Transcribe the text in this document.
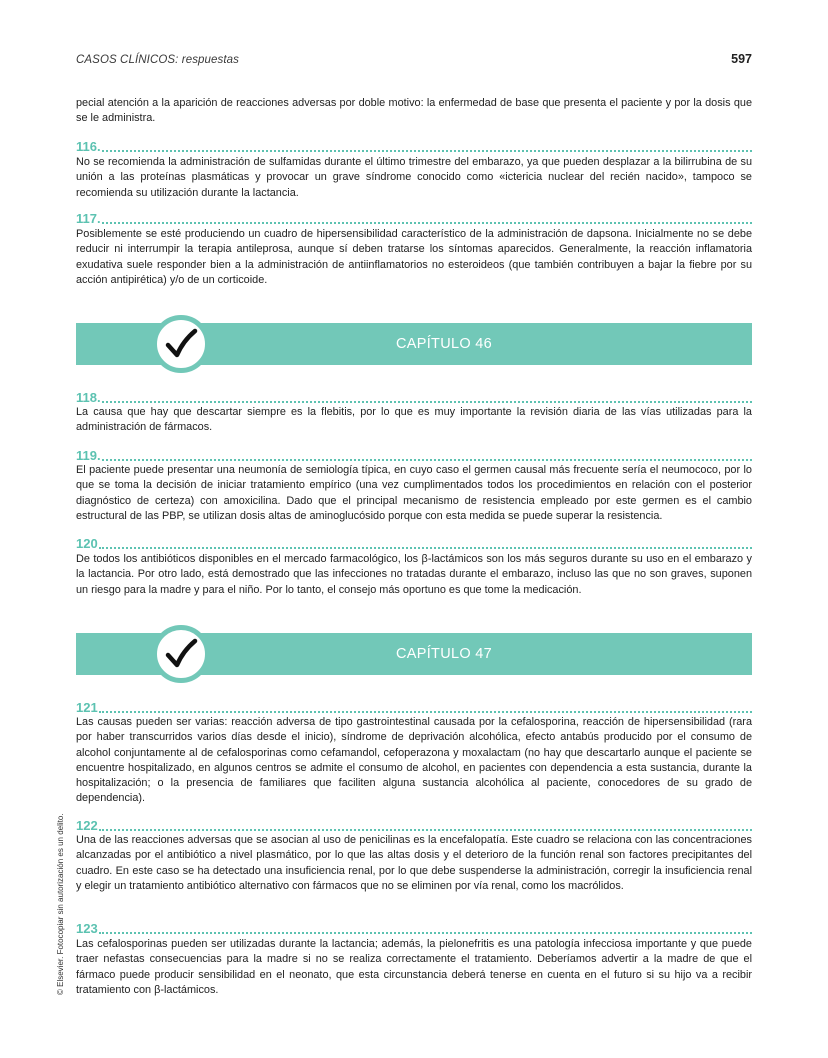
CASOS CLÍNICOS: respuestas	597
pecial atención a la aparición de reacciones adversas por doble motivo: la enfermedad de base que presenta el paciente y por la dosis que se le administra.
116.
No se recomienda la administración de sulfamidas durante el último trimestre del embarazo, ya que pueden desplazar a la bilirrubina de su unión a las proteínas plasmáticas y provocar un grave síndrome conocido como «ictericia nuclear del recién nacido», tampoco se recomienda su utilización durante la lactancia.
117.
Posiblemente se esté produciendo un cuadro de hipersensibilidad característico de la administración de dapsona. Inicialmente no se debe reducir ni interrumpir la terapia antileprosa, aunque sí deben tratarse los síntomas aparecidos. Generalmente, la reacción inflamatoria exudativa suele responder bien a la administración de antiinflamatorios no esteroideos (que también contribuyen a bajar la fiebre por su acción antipirética) y/o de un corticoide.
CAPÍTULO 46
118.
La causa que hay que descartar siempre es la flebitis, por lo que es muy importante la revisión diaria de las vías utilizadas para la administración de fármacos.
119.
El paciente puede presentar una neumonía de semiología típica, en cuyo caso el germen causal más frecuente sería el neumococo, por lo que se toma la decisión de iniciar tratamiento empírico (una vez cumplimentados todos los procedimientos en relación con el posterior diagnóstico de certeza) con amoxicilina. Dado que el principal mecanismo de resistencia empleado por este germen es el cambio estructural de las PBP, se utilizan dosis altas de aminoglucósido porque con esta medida se puede superar la resistencia.
120
De todos los antibióticos disponibles en el mercado farmacológico, los β-lactámicos son los más seguros durante su uso en el embarazo y la lactancia. Por otro lado, está demostrado que las infecciones no tratadas durante el embarazo, incluso las que no son graves, suponen un riesgo para la madre y para el niño. Por lo tanto, el consejo más oportuno es que tome la medicación.
CAPÍTULO 47
121
Las causas pueden ser varias: reacción adversa de tipo gastrointestinal causada por la cefalosporina, reacción de hipersensibilidad (rara por haber transcurridos varios días desde el inicio), síndrome de deprivación alcohólica, efecto antabús producido por el consumo de alcohol conjuntamente al de cefalosporinas como cefamandol, cefoperazona y moxalactam (no hay que descartarlo aunque el paciente se encuentre hospitalizado, en algunos centros se admite el consumo de alcohol, en pacientes con dependencia a esta sustancia, durante la hospitalización; o la presencia de familiares que faciliten alguna sustancia alcohólica al paciente, conocedores de su grado de dependencia).
122
Una de las reacciones adversas que se asocian al uso de penicilinas es la encefalopatía. Este cuadro se relaciona con las concentraciones alcanzadas por el antibiótico a nivel plasmático, por lo que las altas dosis y el deterioro de la función renal son factores precipitantes del cuadro. En este caso se ha detectado una insuficiencia renal, por lo que debe suspenderse la administración, corregir la insuficiencia renal y elegir un tratamiento antibiótico alternativo con fármacos que no se eliminen por vía renal, como los macrólidos.
123
Las cefalosporinas pueden ser utilizadas durante la lactancia; además, la pielonefritis es una patología infecciosa importante y que puede traer nefastas consecuencias para la madre si no se realiza correctamente el tratamiento. Deberíamos advertir a la madre de que el fármaco puede producir sensibilidad en el neonato, que esta circunstancia deberá tenerse en cuenta en el futuro si su hijo va a recibir tratamiento con β-lactámicos.
© Elsevier. Fotocopiar sin autorización es un delito.
